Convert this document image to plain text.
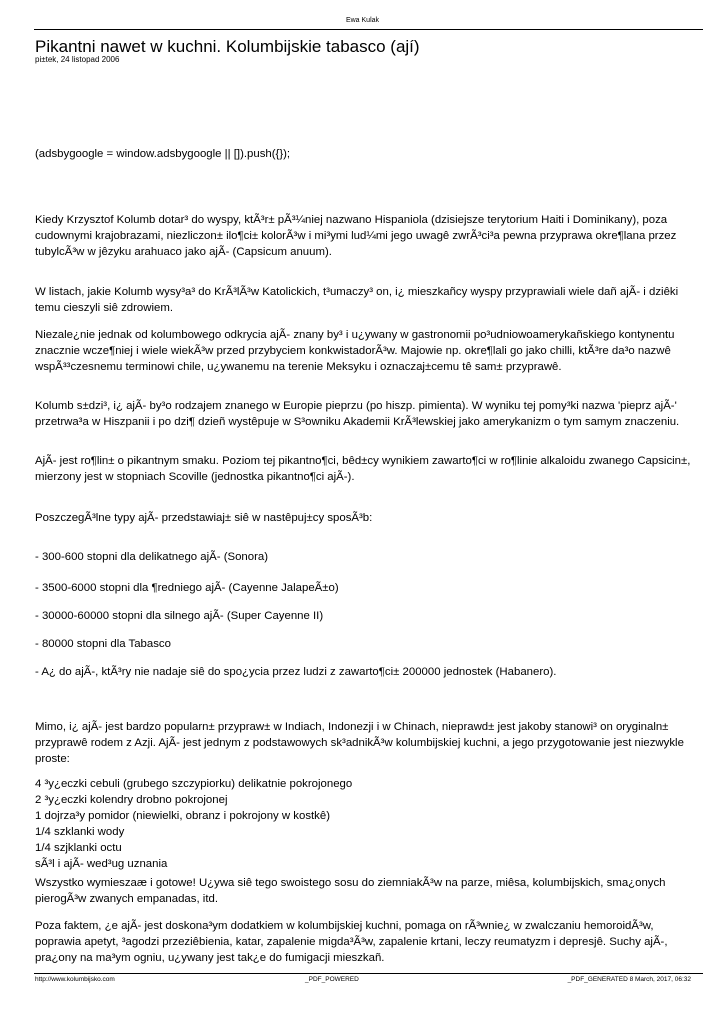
Ewa Kulak
Pikantni nawet w kuchni. Kolumbijskie tabasco (ají)
pi±tek, 24 listopad 2006
(adsbygoogle = window.adsbygoogle || []).push({});
Kiedy Krzysztof Kolumb dotar³ do wyspy, ktÃ³r± pÃ³¼niej nazwano Hispaniola (dzisiejsze terytorium Haiti i Dominikany), poza cudownymi krajobrazami, niezliczon± ilo¶ci± kolorÃ³w i mi³ymi lud¼mi jego uwagê zwrÃ³ci³a pewna przyprawa okre¶lana przez tubylcÃ³w w jêzyku arahuaco jako ajÃ- (Capsicum anuum).
W listach, jakie Kolumb wysy³a³ do KrÃ³lÃ³w Katolickich, t³umaczy³ on, i¿ mieszkañcy wyspy przyprawiali wiele dañ ajÃ- i dziêki temu cieszyli siê zdrowiem.
Niezale¿nie jednak od kolumbowego odkrycia ajÃ- znany by³ i u¿ywany w gastronomii po³udniowoamerykañskiego kontynentu znacznie wcze¶niej i wiele wiekÃ³w przed przybyciem konkwistadorÃ³w. Majowie np. okre¶lali go jako chilli, ktÃ³re da³o nazwê wspÃ³³czesnemu terminowi chile, u¿ywanemu na terenie Meksyku i oznaczaj±cemu tê sam± przyprawê.
Kolumb s±dzi³, i¿ ajÃ- by³o rodzajem znanego w Europie pieprzu (po hiszp. pimienta). W wyniku tej pomy³ki nazwa 'pieprz ajÃ-' przetrwa³a w Hiszpanii i po dzi¶ dzieñ wystêpuje w S³owniku Akademii KrÃ³lewskiej jako amerykanizm o tym samym znaczeniu.
AjÃ- jest ro¶lin± o pikantnym smaku. Poziom tej pikantno¶ci, bêd±cy wynikiem zawarto¶ci w ro¶linie alkaloidu zwanego Capsicin±, mierzony jest w stopniach Scoville (jednostka pikantno¶ci ajÃ-).
PoszczegÃ³lne typy ajÃ- przedstawiaj± siê w nastêpuj±cy sposÃ³b:
- 300-600 stopni dla delikatnego ajÃ- (Sonora)
- 3500-6000 stopni dla ¶redniego ajÃ- (Cayenne JalapeÃ±o)
- 30000-60000 stopni dla silnego ajÃ- (Super Cayenne II)
- 80000 stopni dla Tabasco
- A¿ do ajÃ-, ktÃ³ry nie nadaje siê do spo¿ycia przez ludzi z zawarto¶ci± 200000 jednostek (Habanero).
Mimo, i¿ ajÃ- jest bardzo popularn± przypraw± w Indiach, Indonezji i w Chinach, nieprawd± jest jakoby stanowi³ on oryginaln± przyprawê rodem z Azji. AjÃ- jest jednym z podstawowych sk³adnikÃ³w kolumbijskiej kuchni, a jego przygotowanie jest niezwykle proste:

4 ³y¿eczki cebuli (grubego szczypiorku) delikatnie pokrojonego

2 ³y¿eczki kolendry drobno pokrojonej

1 dojrza³y pomidor (niewielki, obranz i pokrojony w kostkê)

1/4 szklanki wody

1/4 szjklanki octu

sÃ³l i ajÃ- wed³ug uznania

Wszystko wymieszaæ i gotowe! U¿ywa siê tego swoistego sosu do ziemniakÃ³w na parze, miêsa, kolumbijskich, sma¿onych pierogÃ³w zwanych empanadas, itd.
Poza faktem, ¿e ajÃ- jest doskona³ym dodatkiem w kolumbijskiej kuchni, pomaga on rÃ³wnie¿ w zwalczaniu hemoroidÃ³w, poprawia apetyt, ³agodzi przeziêbienia, katar, zapalenie migda³Ã³w, zapalenie krtani, leczy reumatyzm i depresjê. Suchy ajÃ-, pra¿ony na ma³ym ogniu, u¿ywany jest tak¿e do fumigacji mieszkañ.
http://www.kolumbijsko.com	_PDF_POWERED	_PDF_GENERATED 8 March, 2017, 06:32
